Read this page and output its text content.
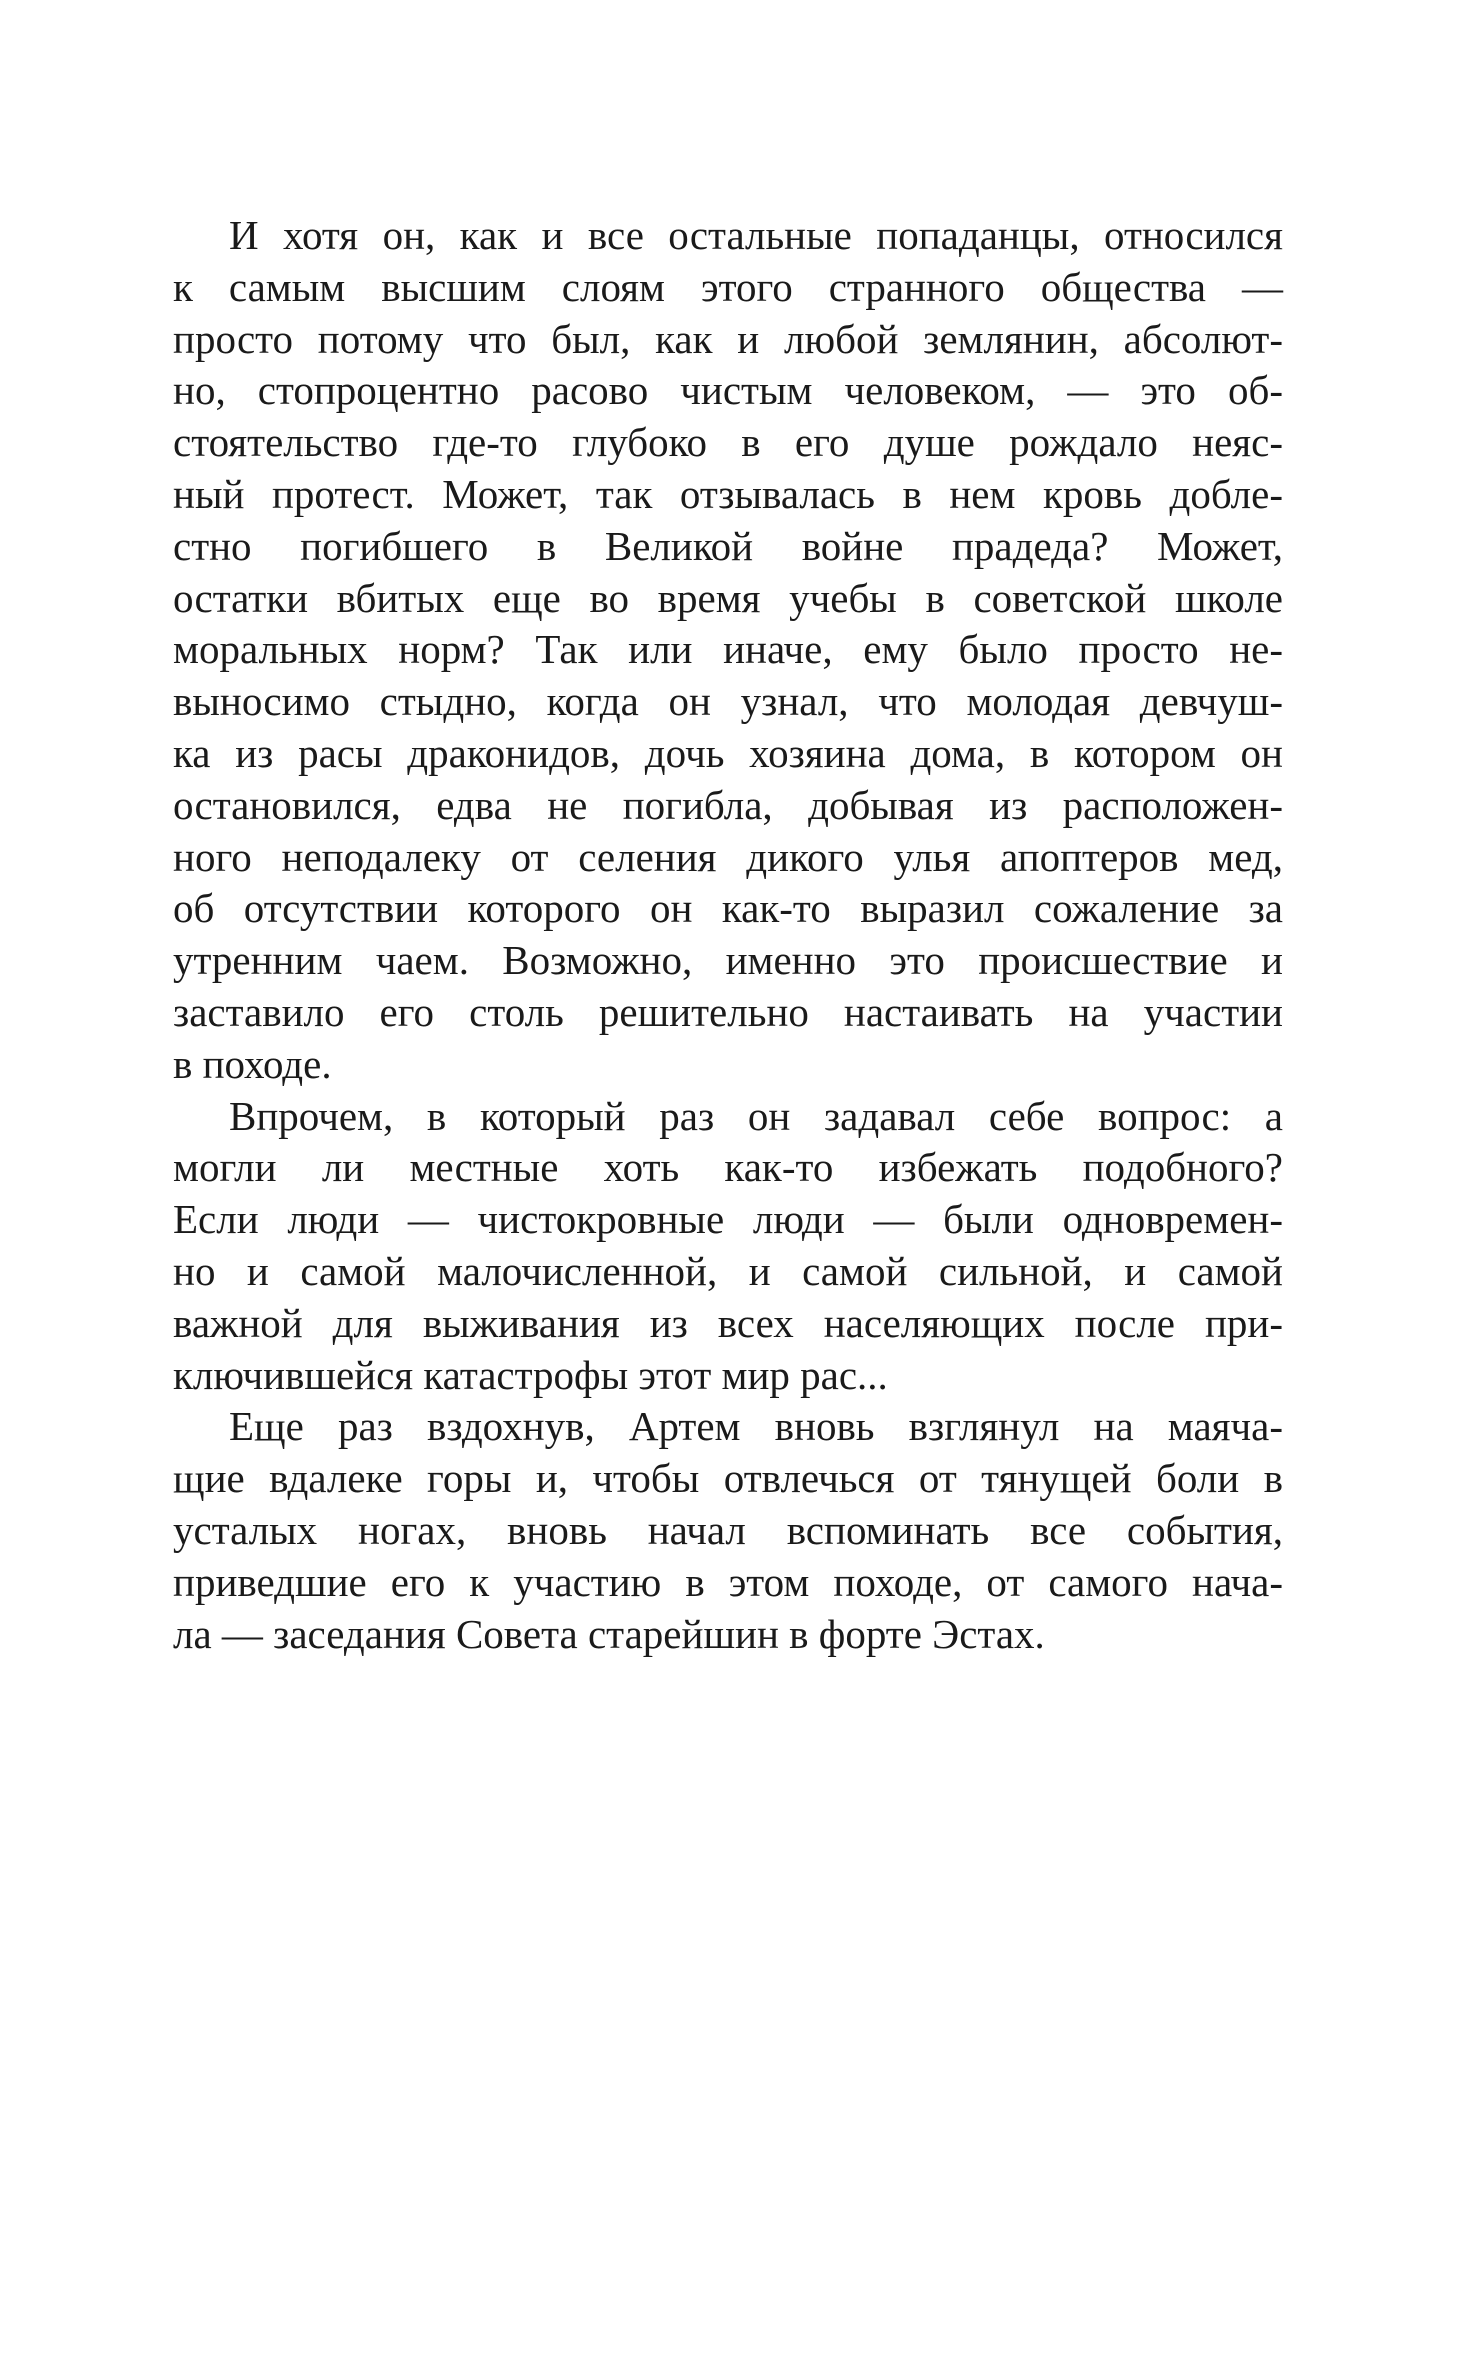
И хотя он, как и все остальные попаданцы, относился
к самым высшим слоям этого странного общества —
просто потому что был, как и любой землянин, абсолют-
но, стопроцентно расово чистым человеком, — это об-
стоятельство где-то глубоко в его душе рождало неяс-
ный протест. Может, так отзывалась в нем кровь добле-
стно погибшего в Великой войне прадеда? Может,
остатки вбитых еще во время учебы в советской школе
моральных норм? Так или иначе, ему было просто не-
выносимо стыдно, когда он узнал, что молодая девчуш-
ка из расы драконидов, дочь хозяина дома, в котором он
остановился, едва не погибла, добывая из расположен-
ного неподалеку от селения дикого улья апоптеров мед,
об отсутствии которого он как-то выразил сожаление за
утренним чаем. Возможно, именно это происшествие и
заставило его столь решительно настаивать на участии
в походе.
Впрочем, в который раз он задавал себе вопрос: а
могли ли местные хоть как-то избежать подобного?
Если люди — чистокровные люди — были одновремен-
но и самой малочисленной, и самой сильной, и самой
важной для выживания из всех населяющих после при-
ключившейся катастрофы этот мир рас...
Еще раз вздохнув, Артем вновь взглянул на маяча-
щие вдалеке горы и, чтобы отвлечься от тянущей боли в
усталых ногах, вновь начал вспоминать все события,
приведшие его к участию в этом походе, от самого нача-
ла — заседания Совета старейшин в форте Эстах.
